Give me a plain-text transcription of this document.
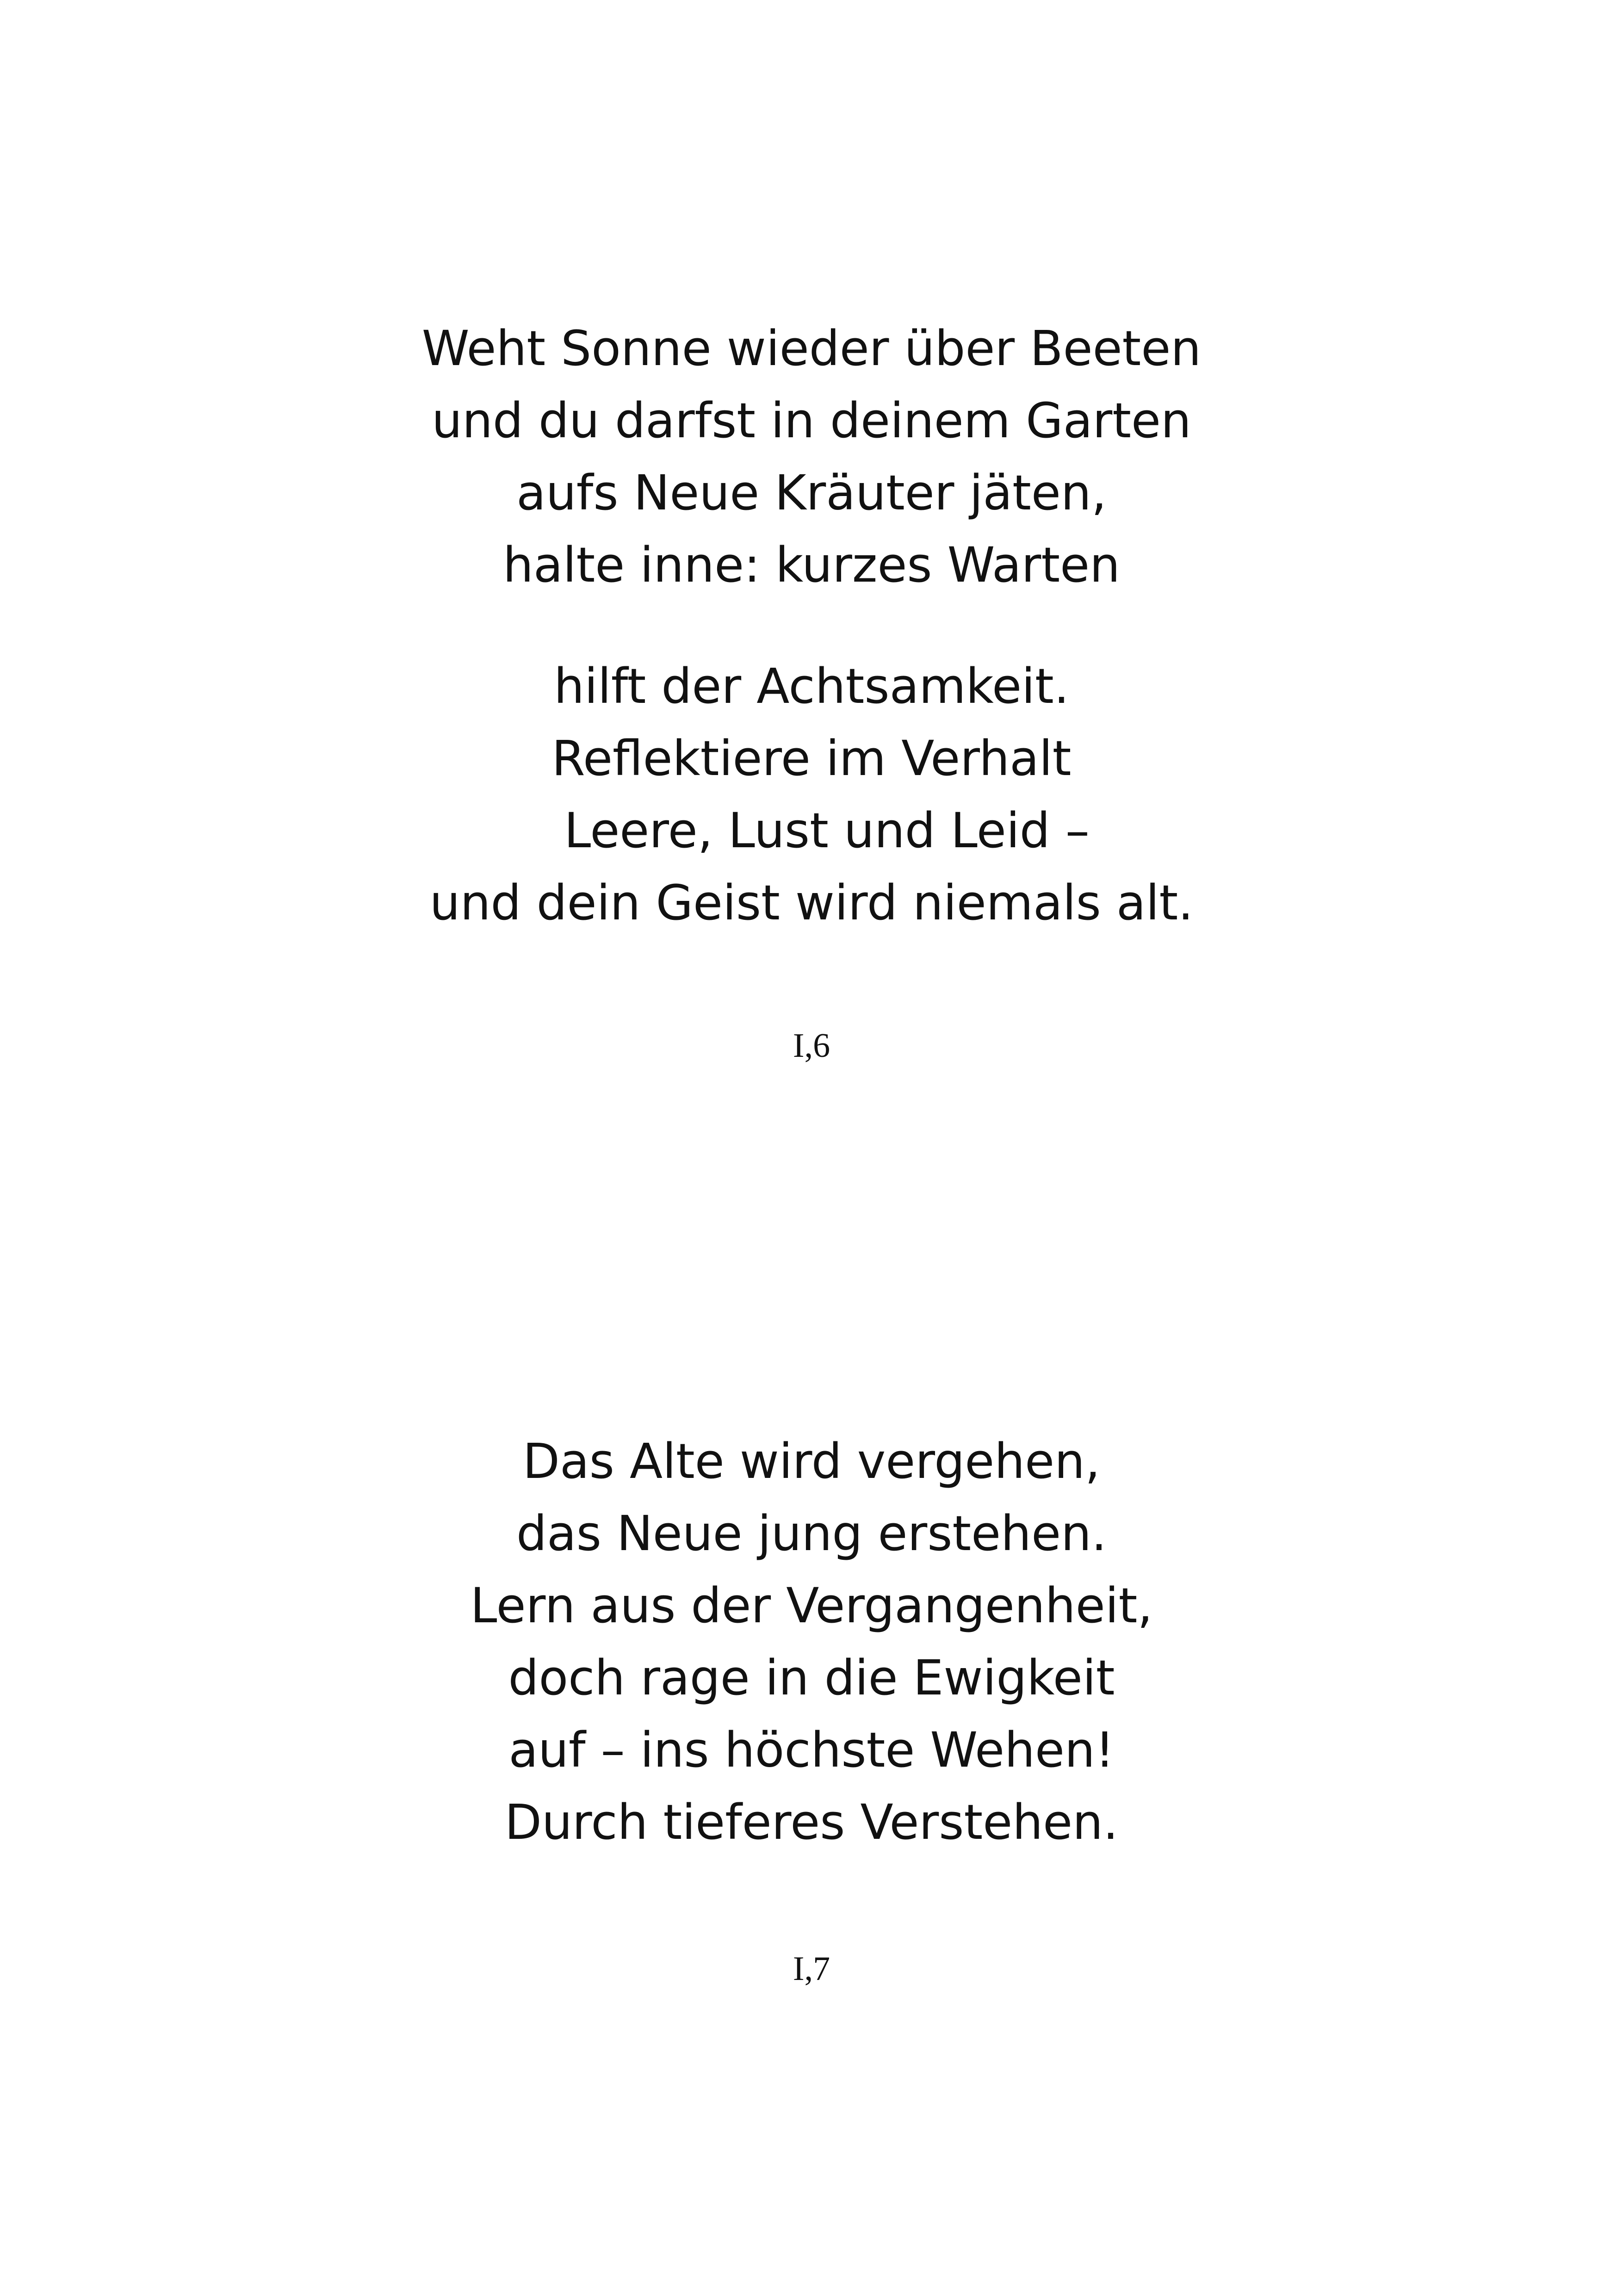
Weht Sonne wieder über Beeten
und du darfst in deinem Garten
aufs Neue Kräuter jäten,
halte inne: kurzes Warten
hilft der Achtsamkeit.
Reflektiere im Verhalt
Leere, Lust und Leid –
und dein Geist wird niemals alt.
I,6
Das Alte wird vergehen,
das Neue jung erstehen.
Lern aus der Vergangenheit,
doch rage in die Ewigkeit
auf – ins höchste Wehen!
Durch tieferes Verstehen.
I,7
